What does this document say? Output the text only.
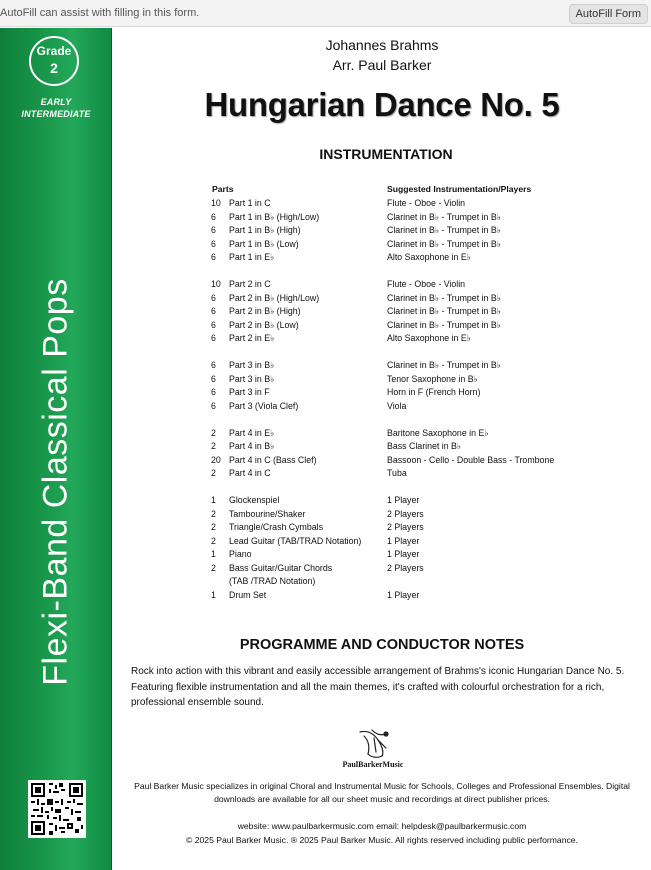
AutoFill can assist with filling in this form.	AutoFill Form
Grade
2
EARLY
INTERMEDIATE
Flexi-Band Classical Pops
Johannes Brahms
Arr. Paul Barker
Hungarian Dance No. 5
INSTRUMENTATION
Parts	Suggested Instrumentation/Players
10 Part 1 in C	Flute - Oboe - Violin
6 Part 1 in B♭ (High/Low)	Clarinet in B♭ - Trumpet in B♭
6 Part 1 in B♭ (High)	Clarinet in B♭ - Trumpet in B♭
6 Part 1 in B♭ (Low)	Clarinet in B♭ - Trumpet in B♭
6 Part 1 in E♭	Alto Saxophone in E♭
10 Part 2 in C	Flute - Oboe - Violin
6 Part 2 in B♭ (High/Low)	Clarinet in B♭ - Trumpet in B♭
6 Part 2 in B♭ (High)	Clarinet in B♭ - Trumpet in B♭
6 Part 2 in B♭ (Low)	Clarinet in B♭ - Trumpet in B♭
6 Part 2 in E♭	Alto Saxophone in E♭
6 Part 3 in B♭	Clarinet in B♭ - Trumpet in B♭
6 Part 3 in B♭	Tenor Saxophone in B♭
6 Part 3 in F	Horn in F (French Horn)
6 Part 3 (Viola Clef)	Viola
2 Part 4 in E♭	Baritone Saxophone in E♭
2 Part 4 in B♭	Bass Clarinet in B♭
20 Part 4 in C (Bass Clef)	Bassoon - Cello - Double Bass - Trombone
2 Part 4 in C	Tuba
1 Glockenspiel	1 Player
2 Tambourine/Shaker	2 Players
2 Triangle/Crash Cymbals	2 Players
2 Lead Guitar (TAB/TRAD Notation)	1 Player
1 Piano	1 Player
2 Bass Guitar/Guitar Chords	2 Players
(TAB /TRAD Notation)
1 Drum Set	1 Player
PROGRAMME AND CONDUCTOR NOTES
Rock into action with this vibrant and easily accessible arrangement of Brahms's iconic Hungarian Dance No. 5. Featuring flexible instrumentation and all the main themes, it's crafted with colourful orchestration for a rich, professional ensemble sound.
PaulBarkerMusic
Paul Barker Music specializes in original Choral and Instrumental Music for Schools, Colleges and Professional Ensembles. Digital downloads are available for all our sheet music and recordings at direct publisher prices.
website: www.paulbarkermusic.com email: helpdesk@paulbarkermusic.com
© 2025 Paul Barker Music. ® 2025 Paul Barker Music. All rights reserved including public performance.
